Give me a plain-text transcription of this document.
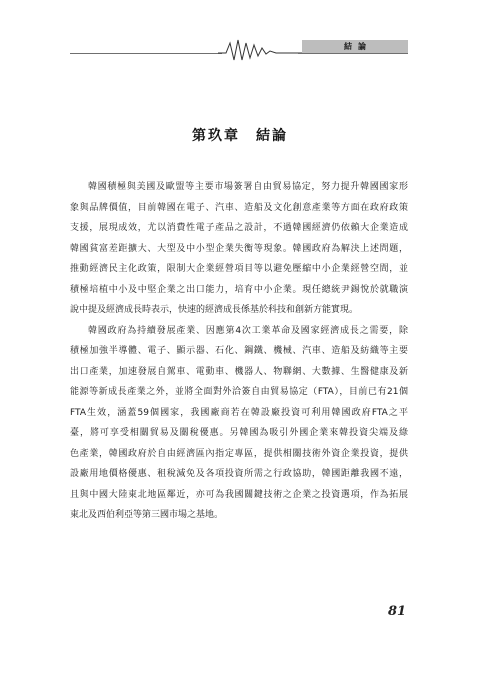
結論
第玖章　結論
韓國積極與美國及歐盟等主要市場簽署自由貿易協定，努力提升韓國國家形
象與品牌價值，目前韓國在電子、汽車、造船及文化創意產業等方面在政府政策
支援，展現成效，尤以消費性電子產品之設計，不過韓國經濟仍依賴大企業造成
韓國貧富差距擴大、大型及中小型企業失衡等現象。韓國政府為解決上述問題，
推動經濟民主化政策，限制大企業經營項目等以避免壓縮中小企業經營空間，並
積極培植中小及中堅企業之出口能力，培育中小企業。現任總統尹錫悅於就職演
說中提及經濟成長時表示，快速的經濟成長係基於科技和創新方能實現。
韓國政府為持續發展產業、因應第4次工業革命及國家經濟成長之需要，除
積極加強半導體、電子、顯示器、石化、鋼鐵、機械、汽車、造船及紡織等主要
出口產業，加速發展自駕車、電動車、機器人、物聯網、大數據、生醫健康及新
能源等新成長產業之外，並將全面對外洽簽自由貿易協定（FTA），目前已有21個
FTA生效，涵蓋59個國家，我國廠商若在韓設廠投資可利用韓國政府FTA之平
臺，將可享受相關貿易及關稅優惠。另韓國為吸引外國企業來韓投資尖端及綠
色產業，韓國政府於自由經濟區內指定專區，提供相關技術外資企業投資，提供
設廠用地價格優惠、租稅減免及各項投資所需之行政協助，韓國距離我國不遠，
且與中國大陸東北地區鄰近，亦可為我國關鍵技術之企業之投資選項，作為拓展
東北及西伯利亞等第三國市場之基地。
81
